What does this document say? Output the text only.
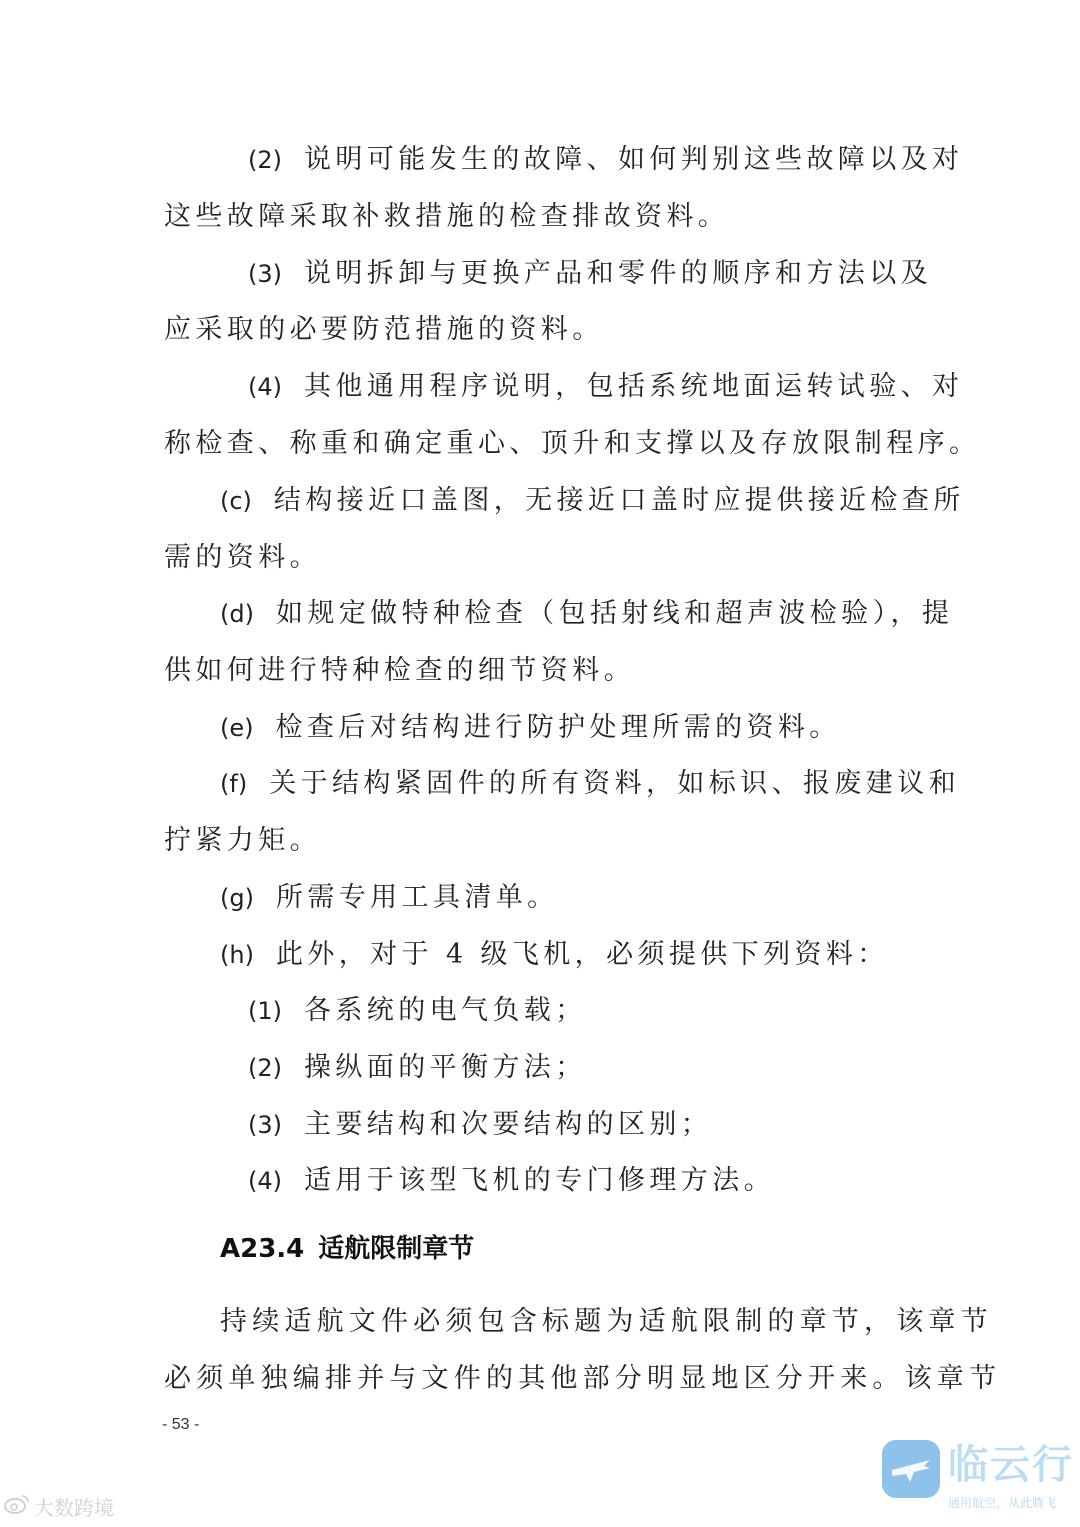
(2) 说明可能发生的故障、如何判别这些故障以及对
这些故障采取补救措施的检查排故资料。
(3) 说明拆卸与更换产品和零件的顺序和方法以及
应采取的必要防范措施的资料。
(4) 其他通用程序说明，包括系统地面运转试验、对
称检查、称重和确定重心、顶升和支撑以及存放限制程序。
(c) 结构接近口盖图，无接近口盖时应提供接近检查所
需的资料。
(d) 如规定做特种检查（包括射线和超声波检验），提
供如何进行特种检查的细节资料。
(e) 检查后对结构进行防护处理所需的资料。
(f) 关于结构紧固件的所有资料，如标识、报废建议和
拧紧力矩。
(g) 所需专用工具清单。
(h) 此外，对于 4 级飞机，必须提供下列资料：
(1) 各系统的电气负载；
(2) 操纵面的平衡方法；
(3) 主要结构和次要结构的区别；
(4) 适用于该型飞机的专门修理方法。
A23.4 适航限制章节
持续适航文件必须包含标题为适航限制的章节，该章节
必须单独编排并与文件的其他部分明显地区分开来。该章节
- 53 -
大数跨境
临云行
通用航空，从此腾飞
